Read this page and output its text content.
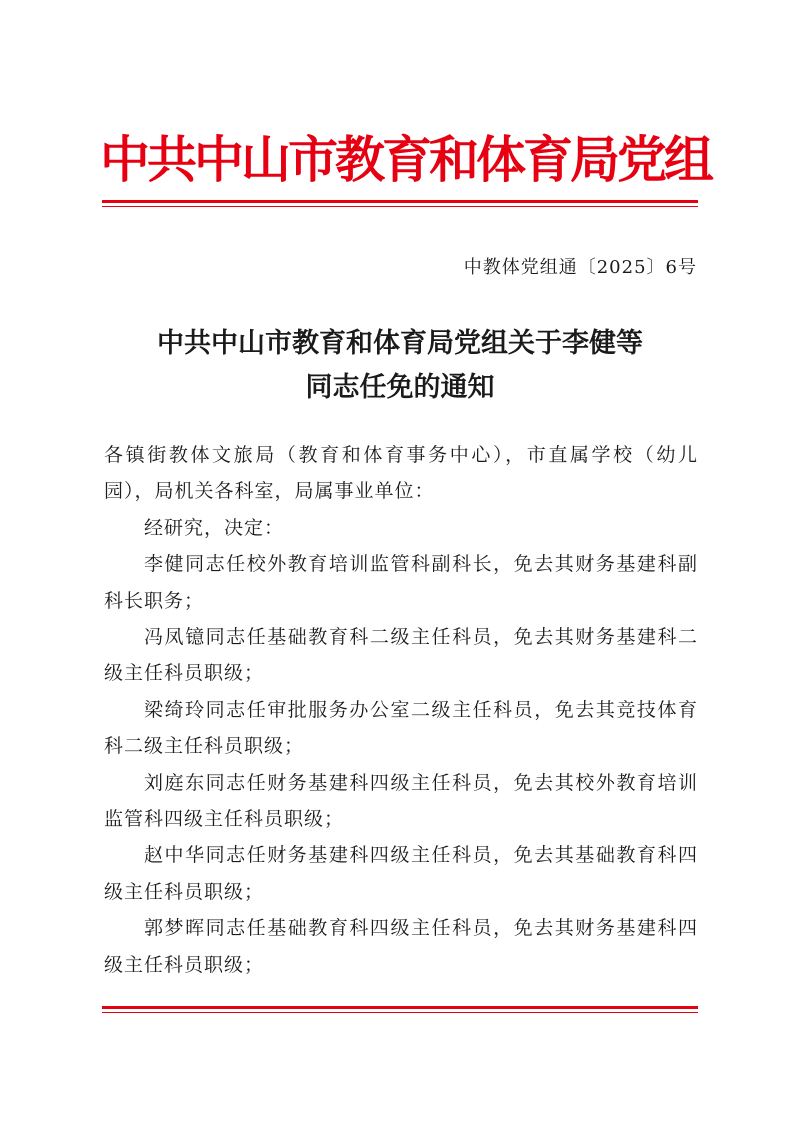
中共中山市教育和体育局党组
中教体党组通〔2025〕6号
中共中山市教育和体育局党组关于李健等
同志任免的通知

各镇街教体文旅局（教育和体育事务中心），市直属学校（幼儿园），局机关各科室，局属事业单位：

经研究，决定：

李健同志任校外教育培训监管科副科长，免去其财务基建科副科长职务；

冯凤镱同志任基础教育科二级主任科员，免去其财务基建科二级主任科员职级；

梁绮玲同志任审批服务办公室二级主任科员，免去其竞技体育科二级主任科员职级；

刘庭东同志任财务基建科四级主任科员，免去其校外教育培训监管科四级主任科员职级；

赵中华同志任财务基建科四级主任科员，免去其基础教育科四级主任科员职级；

郭梦晖同志任基础教育科四级主任科员，免去其财务基建科四级主任科员职级；
